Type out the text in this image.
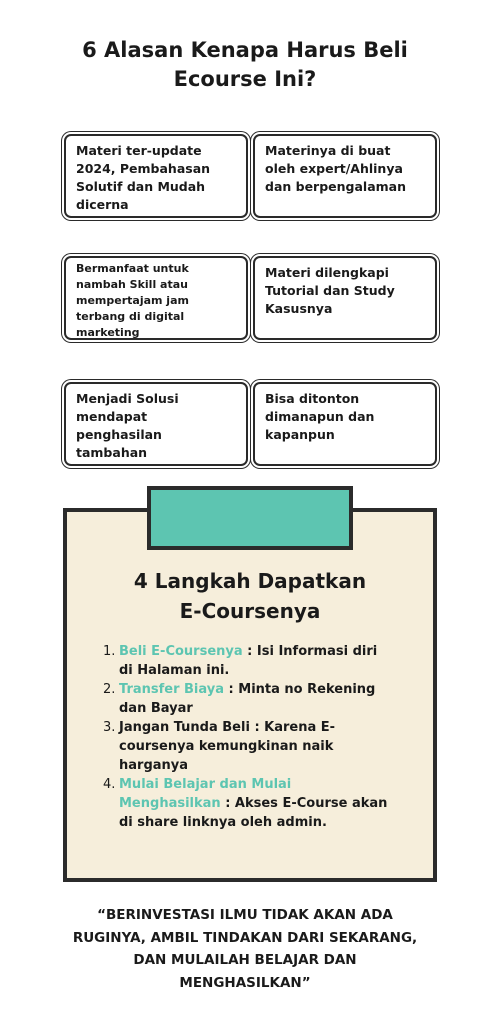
6 Alasan Kenapa Harus Beli
Ecourse Ini?
Materi ter-update 2024, Pembahasan Solutif dan Mudah dicerna
Materinya di buat oleh expert/Ahlinya dan berpengalaman
Bermanfaat untuk nambah Skill atau mempertajam jam terbang di digital marketing
Materi dilengkapi Tutorial dan Study Kasusnya
Menjadi Solusi mendapat penghasilan tambahan
Bisa ditonton dimanapun dan kapanpun
4 Langkah Dapatkan
E-Coursenya
1. Beli E-Coursenya : Isi Informasi diri di Halaman ini.
2. Transfer Biaya : Minta no Rekening dan Bayar
3. Jangan Tunda Beli : Karena E-coursenya kemungkinan naik harganya
4. Mulai Belajar dan Mulai Menghasilkan : Akses E-Course akan di share linknya oleh admin.

“BERINVESTASI ILMU TIDAK AKAN ADA RUGINYA, AMBIL TINDAKAN DARI SEKARANG, DAN MULAILAH BELAJAR DAN MENGHASILKAN”
